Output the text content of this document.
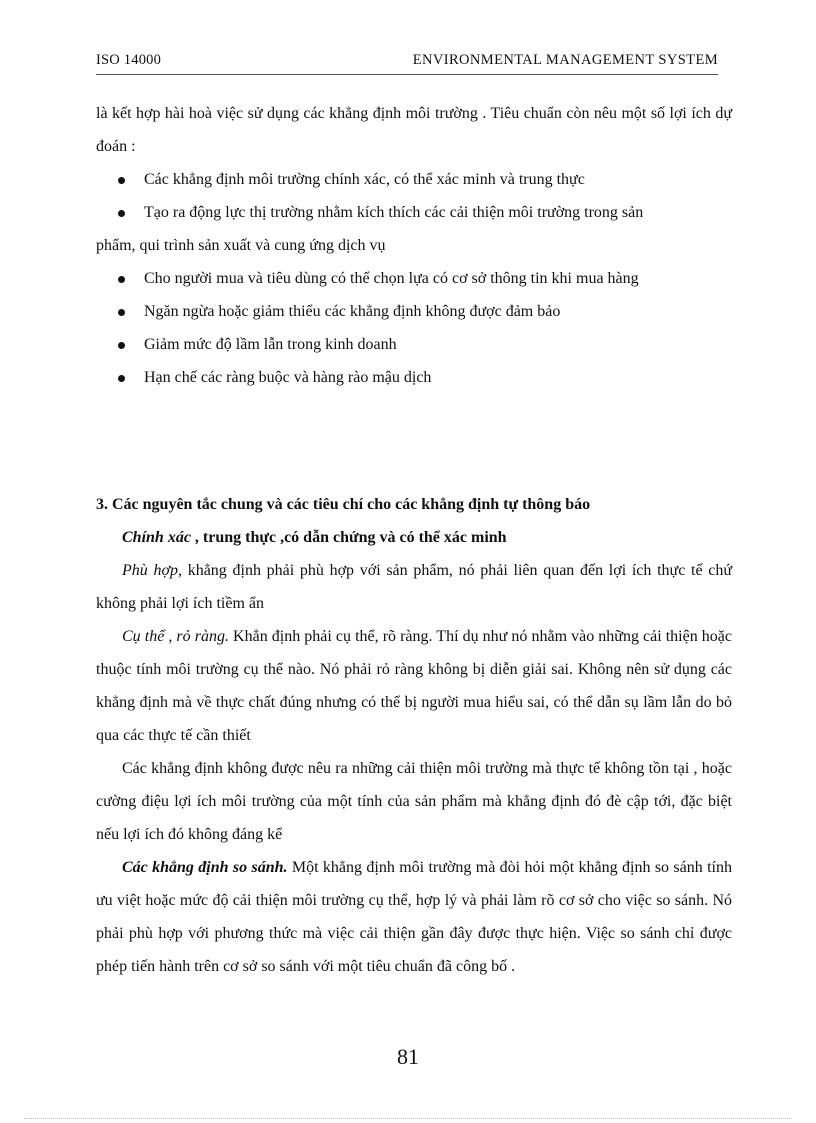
ISO 14000	ENVIRONMENTAL MANAGEMENT SYSTEM

là kết hợp hài hoà việc sử dụng các khẳng định môi trường . Tiêu chuẩn còn nêu một số lợi ích dự đoán :

Các khẳng định môi trường chính xác, có thể xác minh và trung thực
Tạo ra động lực thị trường nhằm kích thích các cải thiện môi trường trong sản
phẩm, qui trình sản xuất và cung ứng dịch vụ
Cho người mua và tiêu dùng có thể chọn lựa có cơ sở thông tin khi mua hàng
Ngăn ngừa hoặc giảm thiểu các khẳng định không được đảm bảo
Giảm mức độ lầm lẫn trong kinh doanh
Hạn chế các ràng buộc và hàng rào mậu dịch

3. Các nguyên tắc chung và các tiêu chí cho các khẳng định tự thông báo

Chính xác , trung thực ,có dẫn chứng và có thể xác minh

Phù hợp, khẳng định phải phù hợp với sản phẩm, nó phải liên quan đến lợi ích thực tế chứ không phải lợi ích tiềm ẩn

Cụ thể , rỏ ràng. Khẳn định phải cụ thể, rõ ràng. Thí dụ như nó nhằm vào những cải thiện hoặc thuộc tính môi trường cụ thể nào. Nó phải rỏ ràng không bị diễn giải sai. Không nên sử dụng các khẳng định mà về thực chất đúng nhưng có thể bị người mua hiểu sai, có thể dẫn sụ lầm lẫn do bỏ qua các thực tế cần thiết

Các khẳng định không được nêu ra những cải thiện môi trường mà thực tế không tồn tại , hoặc cường điệu lợi ích môi trường của một tính của sản phẩm mà khẳng định đó đè cập tới, đặc biệt nếu lợi ích đó không đáng kể

Các khẳng định so sánh. Một khẳng định môi trường mà đòi hỏi một khẳng định so sánh tính ưu việt hoặc mức độ cải thiện môi trường cụ thể, hợp lý và phải làm rõ cơ sở cho việc so sánh. Nó phải phù hợp với phương thức mà việc cải thiện gần đây được thực hiện. Việc so sánh chỉ được phép tiến hành trên cơ sở so sánh với một tiêu chuẩn đã công bố .

81
